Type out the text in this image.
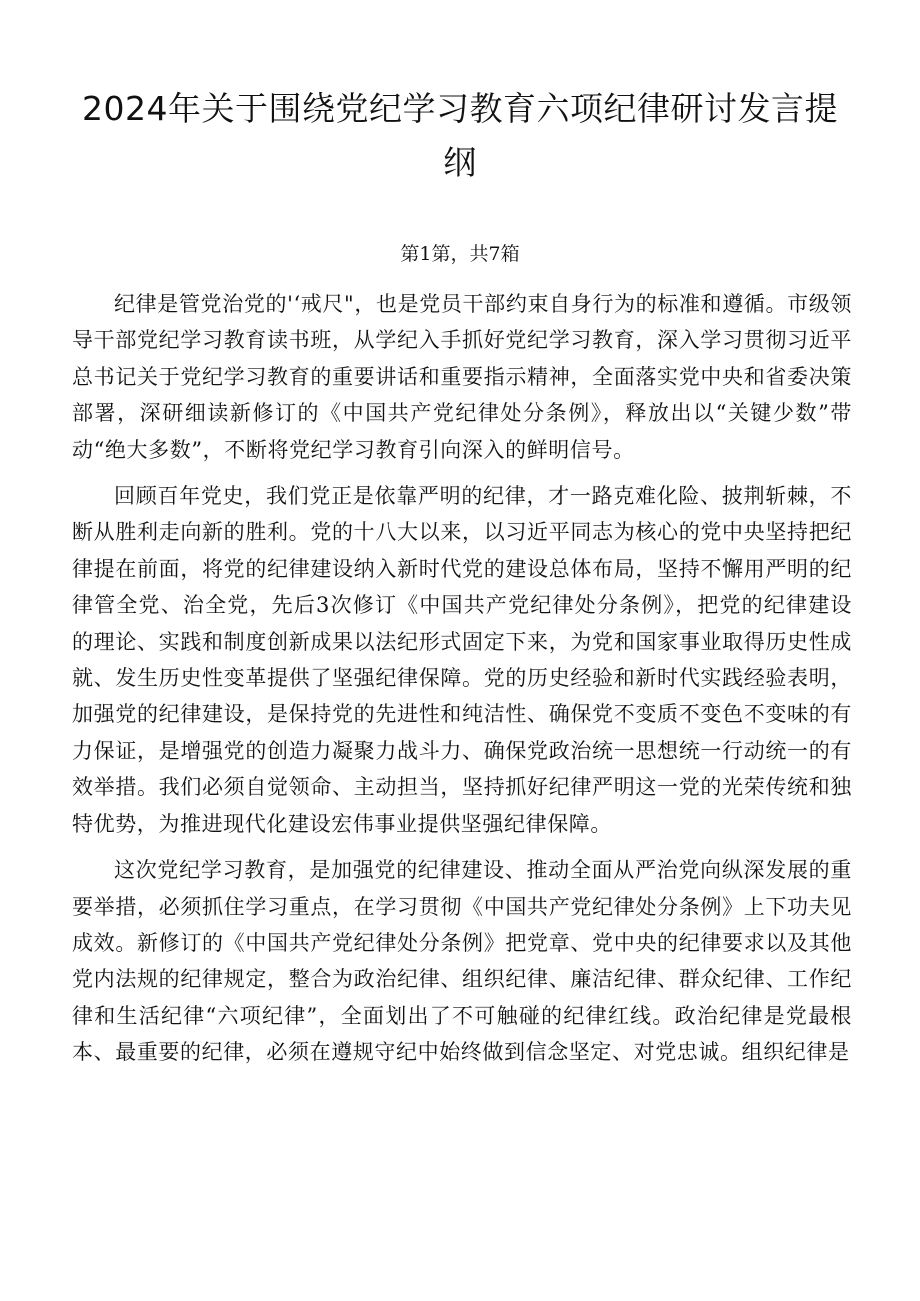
2024年关于围绕党纪学习教育六项纪律研讨发言提纲

第1第，共7箱

纪律是管党治党的'‘戒尺"，也是党员干部约束自身行为的标准和遵循。市级领导干部党纪学习教育读书班，从学纪入手抓好党纪学习教育，深入学习贯彻习近平总书记关于党纪学习教育的重要讲话和重要指示精神，全面落实党中央和省委决策部署，深研细读新修订的《中国共产党纪律处分条例》，释放出以“关键少数”带动“绝大多数”，不断将党纪学习教育引向深入的鲜明信号。

回顾百年党史，我们党正是依靠严明的纪律，才一路克难化险、披荆斩棘，不断从胜利走向新的胜利。党的十八大以来，以习近平同志为核心的党中央坚持把纪律提在前面，将党的纪律建设纳入新时代党的建设总体布局，坚持不懈用严明的纪律管全党、治全党，先后3次修订《中国共产党纪律处分条例》，把党的纪律建设的理论、实践和制度创新成果以法纪形式固定下来，为党和国家事业取得历史性成就、发生历史性变革提供了坚强纪律保障。党的历史经验和新时代实践经验表明，加强党的纪律建设，是保持党的先进性和纯洁性、确保党不变质不变色不变味的有力保证，是增强党的创造力凝聚力战斗力、确保党政治统一思想统一行动统一的有效举措。我们必须自觉领命、主动担当，坚持抓好纪律严明这一党的光荣传统和独特优势，为推进现代化建设宏伟事业提供坚强纪律保障。

这次党纪学习教育，是加强党的纪律建设、推动全面从严治党向纵深发展的重要举措，必须抓住学习重点，在学习贯彻《中国共产党纪律处分条例》上下功夫见成效。新修订的《中国共产党纪律处分条例》把党章、党中央的纪律要求以及其他党内法规的纪律规定，整合为政治纪律、组织纪律、廉洁纪律、群众纪律、工作纪律和生活纪律“六项纪律”，全面划出了不可触碰的纪律红线。政治纪律是党最根本、最重要的纪律，必须在遵规守纪中始终做到信念坚定、对党忠诚。组织纪律是
